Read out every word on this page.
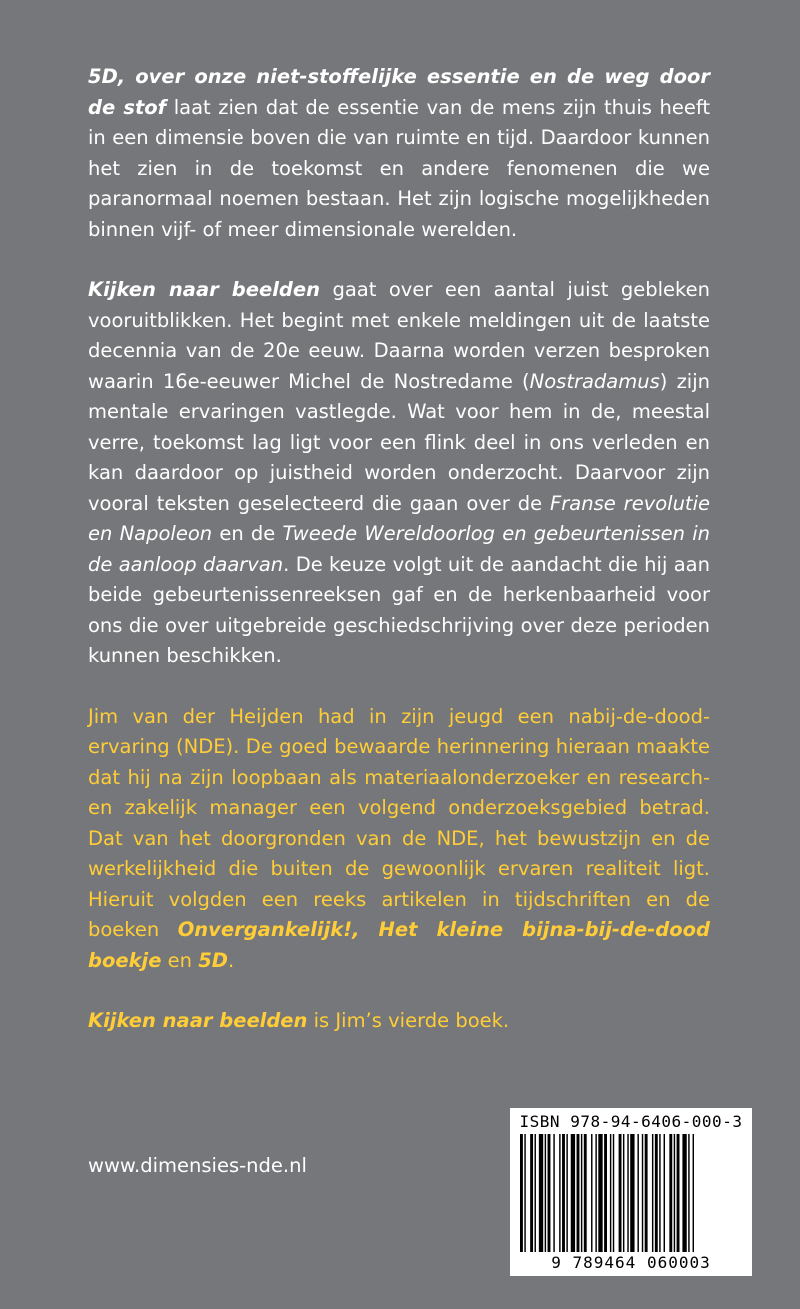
5D, over onze niet-stoffelijke essentie en de weg door de stof laat zien dat de essentie van de mens zijn thuis heeft in een dimensie boven die van ruimte en tijd. Daardoor kunnen het zien in de toekomst en andere fenomenen die we paranormaal noemen bestaan. Het zijn logische mogelijkheden binnen vijf- of meer dimensionale werelden.

Kijken naar beelden gaat over een aantal juist gebleken vooruitblikken. Het begint met enkele meldingen uit de laatste decennia van de 20e eeuw. Daarna worden verzen besproken waarin 16e-eeuwer Michel de Nostredame (Nostradamus) zijn mentale ervaringen vastlegde. Wat voor hem in de, meestal verre, toekomst lag ligt voor een flink deel in ons verleden en kan daardoor op juistheid worden onderzocht. Daarvoor zijn vooral teksten geselecteerd die gaan over de Franse revolutie en Napoleon en de Tweede Wereldoorlog en gebeurtenissen in de aanloop daarvan. De keuze volgt uit de aandacht die hij aan beide gebeurtenissenreeksen gaf en de herkenbaarheid voor ons die over uitgebreide geschiedschrijving over deze perioden kunnen beschikken.

Jim van der Heijden had in zijn jeugd een nabij-de-dood-ervaring (NDE). De goed bewaarde herinnering hieraan maakte dat hij na zijn loopbaan als materiaalonderzoeker en research- en zakelijk manager een volgend onderzoeksgebied betrad. Dat van het doorgronden van de NDE, het bewustzijn en de werkelijkheid die buiten de gewoonlijk ervaren realiteit ligt. Hieruit volgden een reeks artikelen in tijdschriften en de boeken Onvergankelijk!, Het kleine bijna-bij-de-dood boekje en 5D.

Kijken naar beelden is Jim’s vierde boek.

www.dimensies-nde.nl
ISBN 978-94-6406-000-3
9 789464 060003
